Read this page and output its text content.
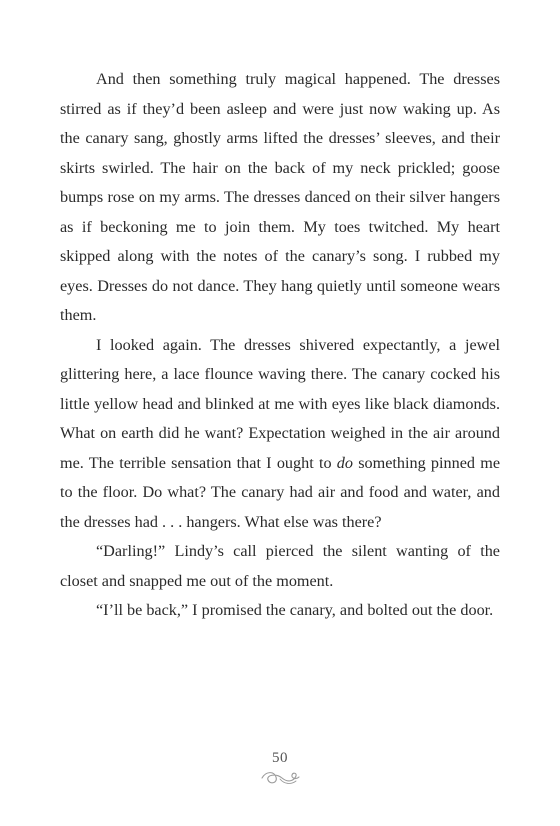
And then something truly magical happened. The dresses stirred as if they’d been asleep and were just now waking up. As the canary sang, ghostly arms lifted the dresses’ sleeves, and their skirts swirled. The hair on the back of my neck prickled; goose bumps rose on my arms. The dresses danced on their silver hangers as if beckoning me to join them. My toes twitched. My heart skipped along with the notes of the canary’s song. I rubbed my eyes. Dresses do not dance. They hang quietly until someone wears them.

I looked again. The dresses shivered expectantly, a jewel glittering here, a lace flounce waving there. The canary cocked his little yellow head and blinked at me with eyes like black diamonds. What on earth did he want? Expectation weighed in the air around me. The terrible sensation that I ought to do something pinned me to the floor. Do what? The canary had air and food and water, and the dresses had . . . hangers. What else was there?

“Darling!” Lindy’s call pierced the silent wanting of the closet and snapped me out of the moment.

“I’ll be back,” I promised the canary, and bolted out the door.

50
